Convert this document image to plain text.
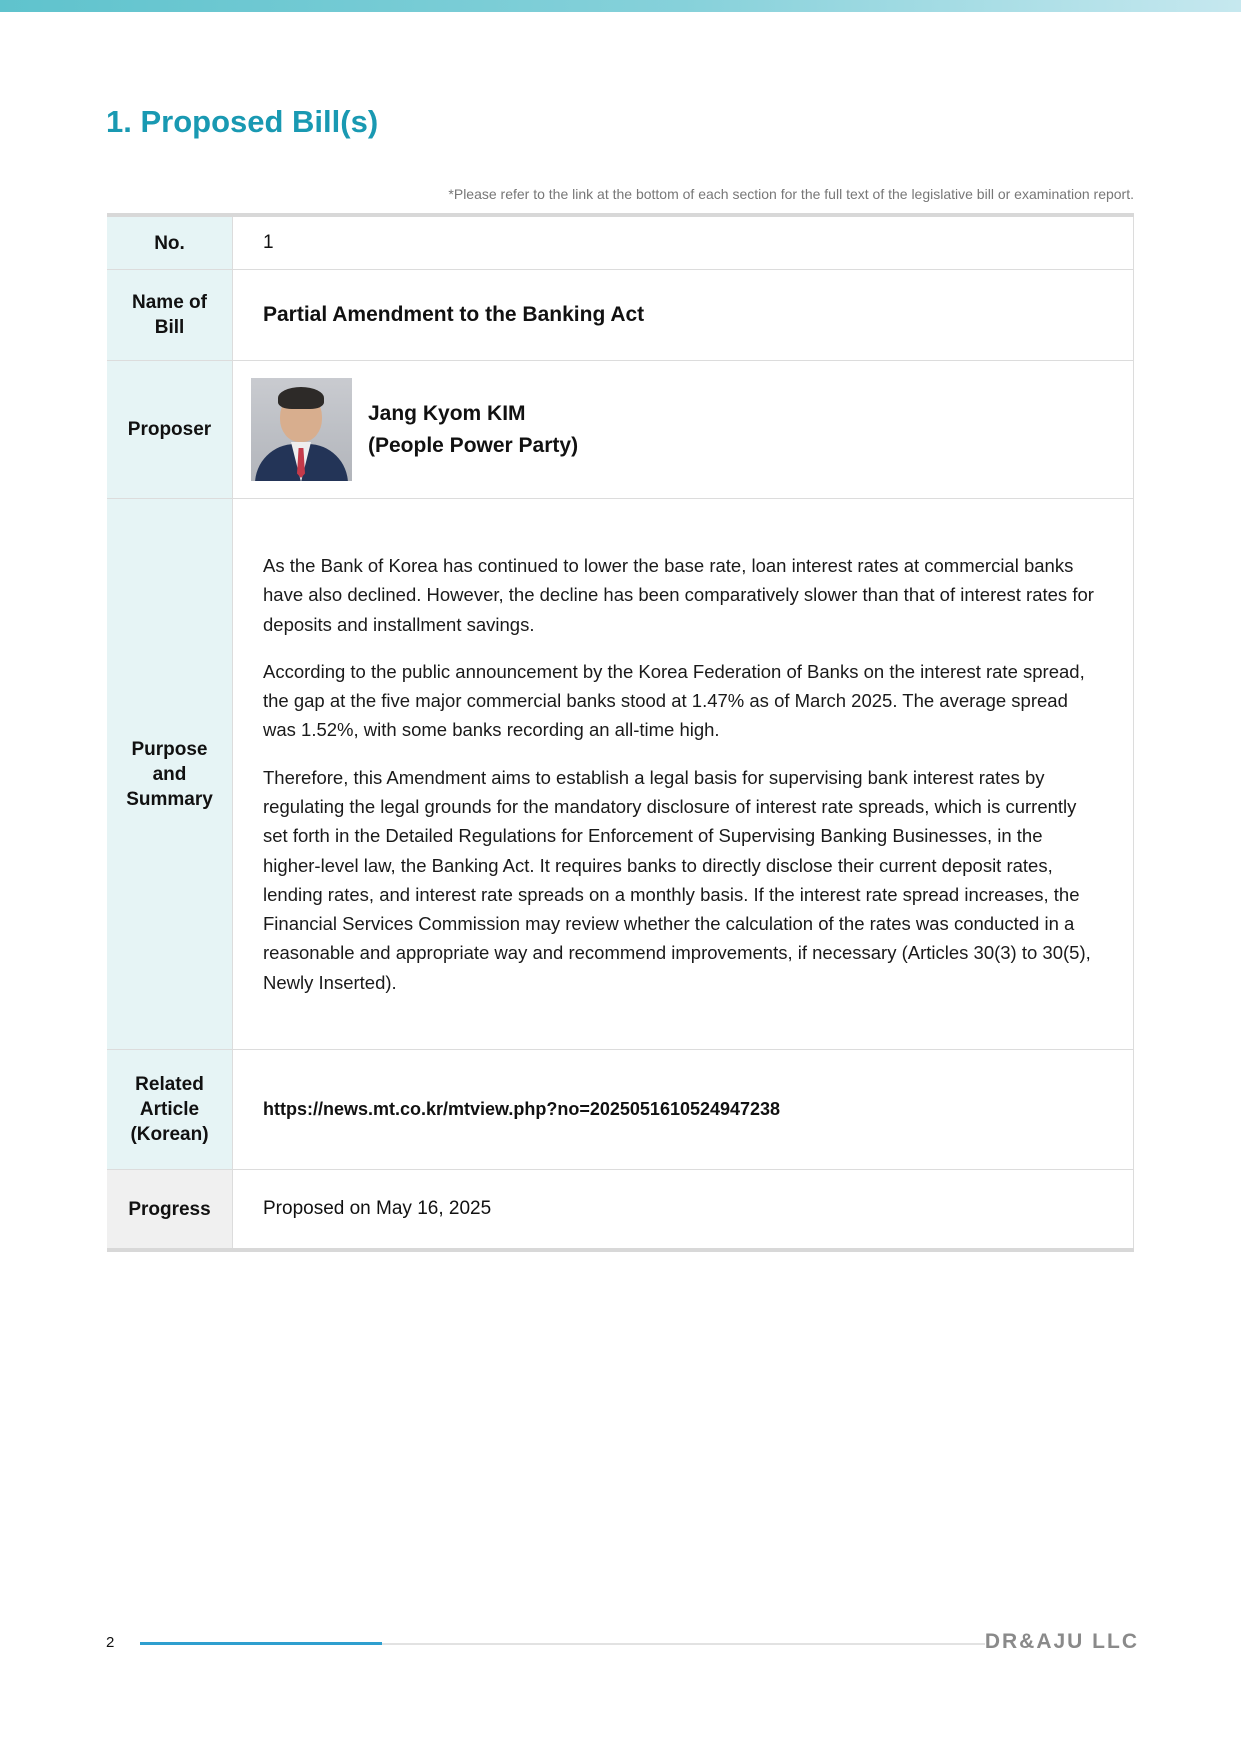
1. Proposed Bill(s)
*Please refer to the link at the bottom of each section for the full text of the legislative bill or examination report.
No.	1
Name of Bill	Partial Amendment to the Banking Act
Proposer	Jang Kyom KIM
(People Power Party)

Purpose and Summary	As the Bank of Korea has continued to lower the base rate, loan interest rates at commercial banks have also declined. However, the decline has been comparatively slower than that of interest rates for deposits and installment savings.

According to the public announcement by the Korea Federation of Banks on the interest rate spread, the gap at the five major commercial banks stood at 1.47% as of March 2025. The average spread was 1.52%, with some banks recording an all-time high.

Therefore, this Amendment aims to establish a legal basis for supervising bank interest rates by regulating the legal grounds for the mandatory disclosure of interest rate spreads, which is currently set forth in the Detailed Regulations for Enforcement of Supervising Banking Businesses, in the higher-level law, the Banking Act. It requires banks to directly disclose their current deposit rates, lending rates, and interest rate spreads on a monthly basis. If the interest rate spread increases, the Financial Services Commission may review whether the calculation of the rates was conducted in a reasonable and appropriate way and recommend improvements, if necessary (Articles 30(3) to 30(5), Newly Inserted).

Related Article (Korean)	https://news.mt.co.kr/mtview.php?no=2025051610524947238
Progress	Proposed on May 16, 2025
2	DR&AJU LLC
